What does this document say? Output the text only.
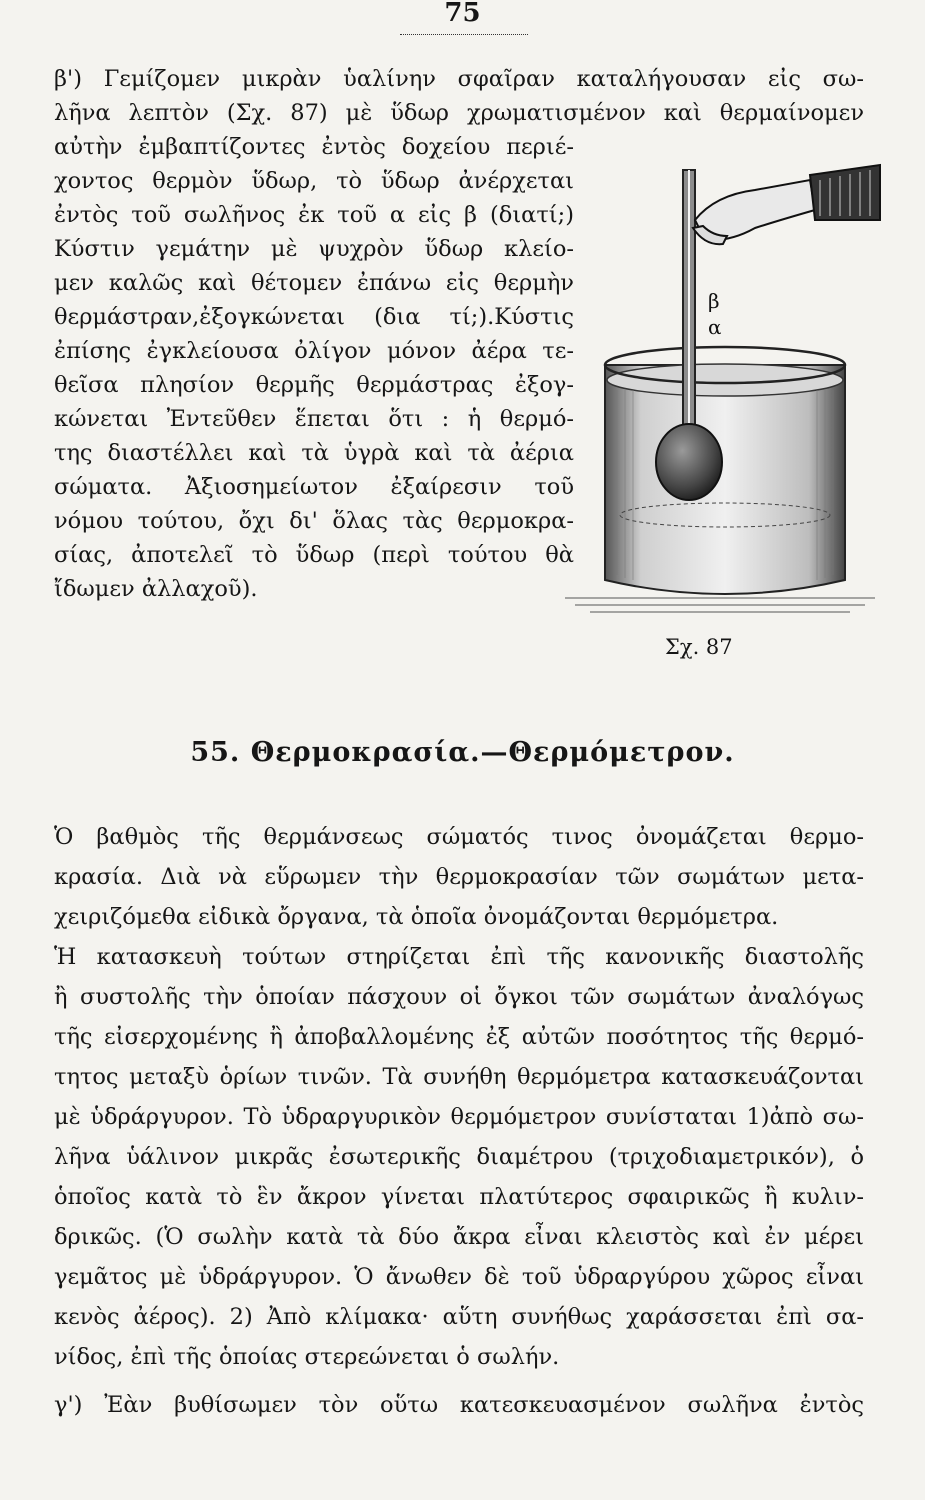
75
β') Γεμίζομεν μικρὰν ὑαλίνην σφαῖραν καταλήγουσαν εἰς σω-
λῆνα λεπτὸν (Σχ. 87) μὲ ὕδωρ χρωματισμένον καὶ θερμαίνομεν
αὐτὴν ἐμβαπτίζοντες ἐντὸς δοχείου περιέ-
χοντος θερμὸν ὕδωρ, τὸ ὕδωρ ἀνέρχεται
ἐντὸς τοῦ σωλῆνος ἐκ τοῦ α εἰς β (διατί;)
Κύστιν γεμάτην μὲ ψυχρὸν ὕδωρ κλείο-
μεν καλῶς καὶ θέτομεν ἐπάνω εἰς θερμὴν
θερμάστραν,ἐξογκώνεται (δια τί;).Κύστις
ἐπίσης ἐγκλείουσα ὀλίγον μόνον ἀέρα τε-
θεῖσα πλησίον θερμῆς θερμάστρας ἐξογ-
κώνεται Ἐντεῦθεν ἕπεται ὅτι : ἡ θερμό-
της διαστέλλει καὶ τὰ ὑγρὰ καὶ τὰ ἀέρια
σώματα. Ἀξιοσημείωτον ἐξαίρεσιν τοῦ
νόμου τούτου, ὄχι δι' ὅλας τὰς θερμοκρα-
σίας, ἀποτελεῖ τὸ ὕδωρ (περὶ τούτου θὰ
ἴδωμεν ἀλλαχοῦ).
β
α
Σχ. 87
55. Θερμοκρασία.—Θερμόμετρον.
Ὁ βαθμὸς τῆς θερμάνσεως σώματός τινος ὀνομάζεται θερμο-
κρασία. Διὰ νὰ εὕρωμεν τὴν θερμοκρασίαν τῶν σωμάτων μετα-
χειριζόμεθα εἰδικὰ ὄργανα, τὰ ὁποῖα ὀνομάζονται θερμόμετρα.
Ἡ κατασκευὴ τούτων στηρίζεται ἐπὶ τῆς κανονικῆς διαστολῆς
ἢ συστολῆς τὴν ὁποίαν πάσχουν οἱ ὄγκοι τῶν σωμάτων ἀναλόγως
τῆς εἰσερχομένης ἢ ἀποβαλλομένης ἐξ αὐτῶν ποσότητος τῆς θερμό-
τητος μεταξὺ ὁρίων τινῶν. Τὰ συνήθη θερμόμετρα κατασκευάζονται
μὲ ὑδράργυρον. Τὸ ὑδραργυρικὸν θερμόμετρον συνίσταται 1)ἀπὸ σω-
λῆνα ὑάλινον μικρᾶς ἐσωτερικῆς διαμέτρου (τριχοδιαμετρικόν), ὁ
ὁποῖος κατὰ τὸ ἓν ἄκρον γίνεται πλατύτερος σφαιρικῶς ἢ κυλιν-
δρικῶς. (Ὁ σωλὴν κατὰ τὰ δύο ἄκρα εἶναι κλειστὸς καὶ ἐν μέρει
γεμᾶτος μὲ ὑδράργυρον. Ὁ ἄνωθεν δὲ τοῦ ὑδραργύρου χῶρος εἶναι
κενὸς ἀέρος). 2) Ἀπὸ κλίμακα· αὕτη συνήθως χαράσσεται ἐπὶ σα-
νίδος, ἐπὶ τῆς ὁποίας στερεώνεται ὁ σωλήν.
γ') Ἐὰν βυθίσωμεν τὸν οὕτω κατεσκευασμένον σωλῆνα ἐντὸς
